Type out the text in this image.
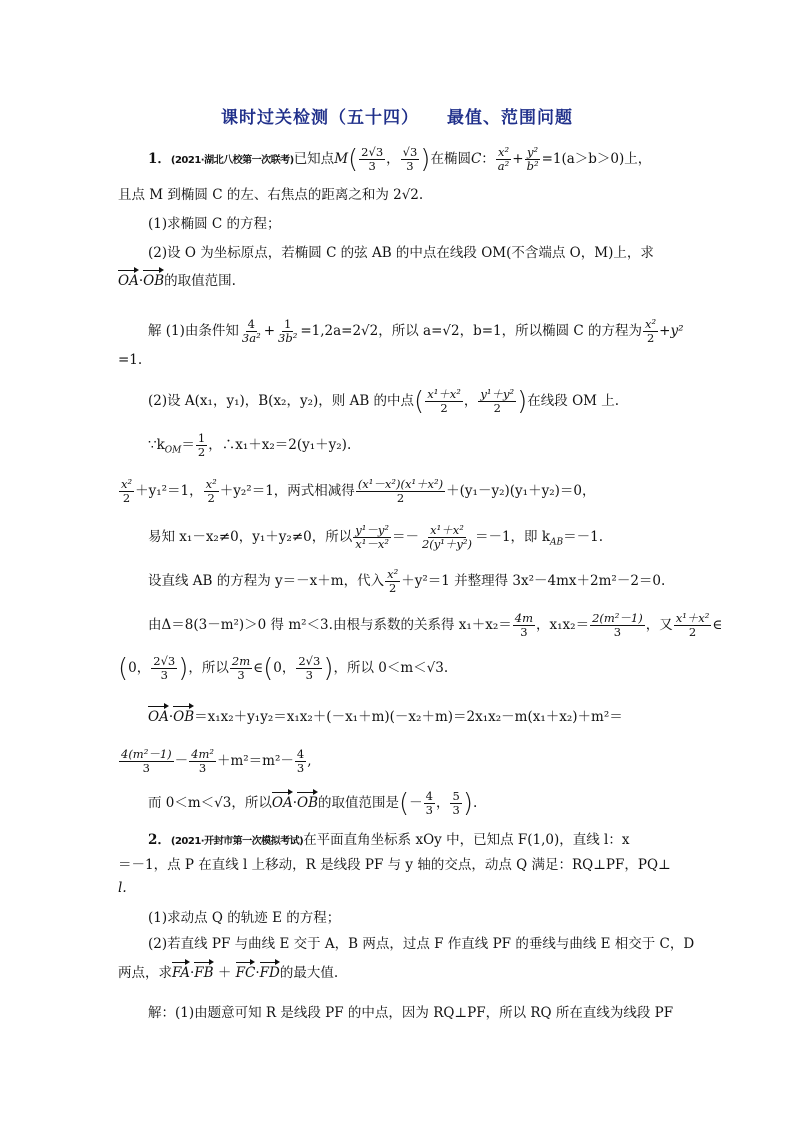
课时过关检测（五十四） 最值、范围问题
1．(2021·湖北八校第一次联考)已知点$M( \frac{2√3}{3}$ ， $\frac{√3}{3}$ )在椭圆C： $\frac{\text{x²}}{\text{a²}} + \frac{\text{y²}}{\text{b²}} =1(a>b>0)$上，
且点 M 到椭圆 C 的左、右焦点的距离之和为 2√2.
(1)求椭圆 C 的方程；
(2)设 O 为坐标原点，若椭圆 C 的弦 AB 的中点在线段 OM(不含端点 O，M)上，求
OA·OB的取值范围.
解 (1)由条件知 $\frac{4}{\text{3a²}} + \frac{1}{\text{3b²}} =1,2a=2√2$，所以 a=√2，b=1，所以椭圆 C 的方程为 $\frac{\text{x²}}{2} +y^2$
=1.
(2)设 A(x₁，y₁)，B(x₂，y₂)，则 AB 的中点( $\frac{\text{x¹＋x²}}{2}$ ， $\frac{\text{y¹＋y²}}{2}$ )在线段 OM 上.
$\because k_{OM}= \frac{1}{2}$ ，∴x₁＋x₂＝2(y₁＋y₂).
$\frac{\text{x²}}{2} +y_1^2=1$， $\frac{\text{x²}}{2} +y_2^2=1$，两式相减得 $\frac{\text{(x¹－x²)(x¹＋x²)}}{2} +(y_1-y_2)(y_1+y_2)=0$，
易知 x₁－x₂≠0，y₁＋y₂≠0，所以 $\frac{\text{y¹－y²}}{\text{x¹－x²}} =- \frac{\text{x¹＋x²}}{\text{2(y¹＋y²)}} =-1$，即 $k_{AB}=-1$.
设直线 AB 的方程为 y＝－x＋m，代入 $\frac{\text{x²}}{2} +y^2=1$ 并整理得 3x²－4mx＋2m²－2＝0.
由Δ＝8(3－m²)＞0 得 m²＜3.由根与系数的关系得 $x_1+x_2= \frac{4m}{3}$ ，$x_1x_2= \frac{\text{2(m²－1)}}{3}$ ，又 $\frac{\text{x¹＋x²}}{2}$ ∈
(0， $\frac{2√3}{3}$ )，所以 $\frac{2m}{3}$ ∈(0， $\frac{2√3}{3}$ )，所以 0＜m＜√3.
OA·OB＝x₁x₂＋y₁y₂＝x₁x₂＋(－x₁＋m)(－x₂＋m)＝2x₁x₂－m(x₁＋x₂)＋m²＝
$\frac{\text{4(m²－1)}}{3} - \frac{\text{4m²}}{3} +m^2=m^2- \frac{4}{3}$ ,
而 0＜m＜√3，所以OA·OB的取值范围是(－ $\frac{4}{3}$ ， $\frac{5}{3}$ ).
2．(2021·开封市第一次模拟考试)在平面直角坐标系 xOy 中，已知点 F(1,0)，直线 l：x
＝－1，点 P 在直线 l 上移动，R 是线段 PF 与 y 轴的交点，动点 Q 满足：RQ⊥PF，PQ⊥
l.
(1)求动点 Q 的轨迹 E 的方程；
(2)若直线 PF 与曲线 E 交于 A，B 两点，过点 F 作直线 PF 的垂线与曲线 E 相交于 C，D
两点，求FA·FB ＋ FC·FD的最大值.
解：(1)由题意可知 R 是线段 PF 的中点，因为 RQ⊥PF，所以 RQ 所在直线为线段 PF
